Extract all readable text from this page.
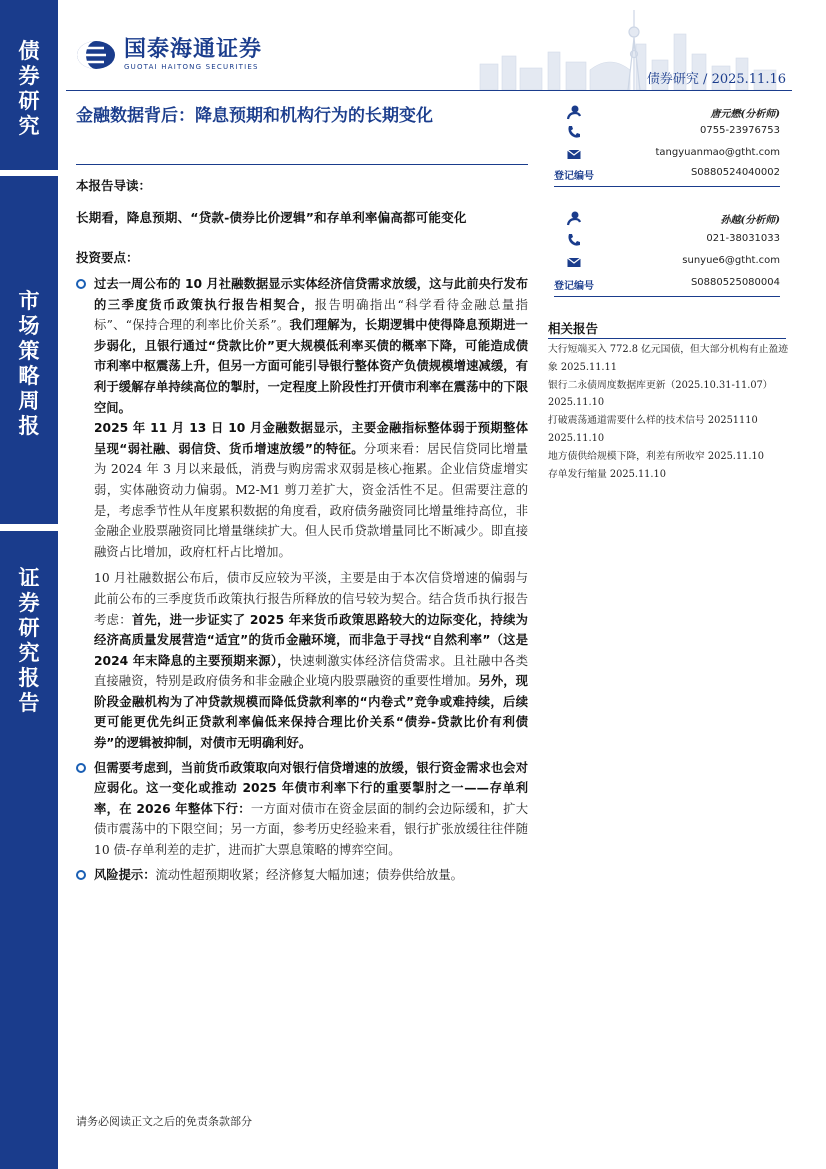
债
券
研
究
市
场
策
略
周
报
证
券
研
究
报
告
国泰海通证券
GUOTAI HAITONG SECURITIES
债券研究 / 2025.11.16
金融数据背后：降息预期和机构行为的长期变化
本报告导读：
长期看，降息预期、“贷款-债券比价逻辑”和存单利率偏高都可能变化
投资要点：
过去一周公布的 10 月社融数据显示实体经济信贷需求放缓，这与此前央行发布的三季度货币政策执行报告相契合，报告明确指出“科学看待金融总量指标”、“保持合理的利率比价关系”。我们理解为，长期逻辑中使得降息预期进一步弱化，且银行通过“贷款比价”更大规模低利率买债的概率下降，可能造成债市利率中枢震荡上升，但另一方面可能引导银行整体资产负债规模增速减缓，有利于缓解存单持续高位的掣肘，一定程度上阶段性打开债市利率在震荡中的下限空间。
2025 年 11 月 13 日 10 月金融数据显示，主要金融指标整体弱于预期整体呈现“弱社融、弱信贷、货币增速放缓”的特征。分项来看：居民信贷同比增量为 2024 年 3 月以来最低，消费与购房需求双弱是核心拖累。企业信贷虚增实弱，实体融资动力偏弱。M2-M1 剪刀差扩大，资金活性不足。但需要注意的是，考虑季节性从年度累积数据的角度看，政府债务融资同比增量维持高位，非金融企业股票融资同比增量继续扩大。但人民币贷款增量同比不断减少。即直接融资占比增加，政府杠杆占比增加。
10 月社融数据公布后，债市反应较为平淡，主要是由于本次信贷增速的偏弱与此前公布的三季度货币政策执行报告所释放的信号较为契合。结合货币执行报告考虑：首先，进一步证实了 2025 年来货币政策思路较大的边际变化，持续为经济高质量发展营造“适宜”的货币金融环境，而非急于寻找“自然利率”（这是 2024 年末降息的主要预期来源），快速刺激实体经济信贷需求。且社融中各类直接融资，特别是政府债务和非金融企业境内股票融资的重要性增加。另外，现阶段金融机构为了冲贷款规模而降低贷款利率的“内卷式”竞争或难持续，后续更可能更优先纠正贷款利率偏低来保持合理比价关系“债券-贷款比价有利债券”的逻辑被抑制，对债市无明确利好。
但需要考虑到，当前货币政策取向对银行信贷增速的放缓，银行资金需求也会对应弱化。这一变化或推动 2025 年债市利率下行的重要掣肘之一——存单利率，在 2026 年整体下行：一方面对债市在资金层面的制约会边际缓和，扩大债市震荡中的下限空间；另一方面，参考历史经验来看，银行扩张放缓往往伴随 10 债-存单利差的走扩，进而扩大票息策略的博弈空间。
风险提示：流动性超预期收紧；经济修复大幅加速；债券供给放量。
唐元懋(分析师)
0755-23976753
tangyuanmao@gtht.com
登记编号	S0880524040002
孙越(分析师)
021-38031033
sunyue6@gtht.com
登记编号	S0880525080004
相关报告
大行短端买入 772.8 亿元国债，但大部分机构有止盈迹象 2025.11.11
银行二永债周度数据库更新（2025.10.31-11.07） 2025.11.10
打破震荡通道需要什么样的技术信号 20251110 2025.11.10
地方债供给规模下降，利差有所收窄 2025.11.10
存单发行缩量 2025.11.10
请务必阅读正文之后的免责条款部分
